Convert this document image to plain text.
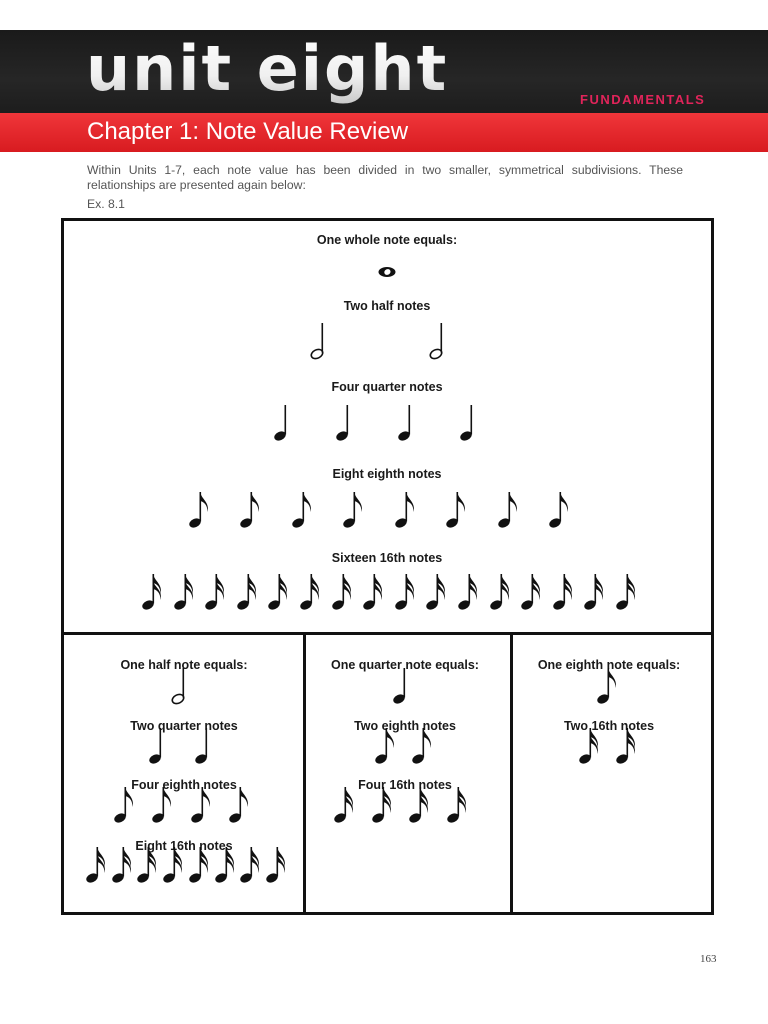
unit eight	FUNDAMENTALS

Chapter 1: Note Value Review

Within Units 1-7, each note value has been divided in two smaller, symmetrical subdivisions. These relationships are presented again below:

Ex. 8.1

One whole note equals:

Two half notes

Four quarter notes

Eight eighth notes

Sixteen 16th notes

One half note equals:

Two quarter notes

Four eighth notes

Eight 16th notes

One quarter note equals:

Two eighth notes

Four 16th notes

One eighth note equals:

Two 16th notes

163
